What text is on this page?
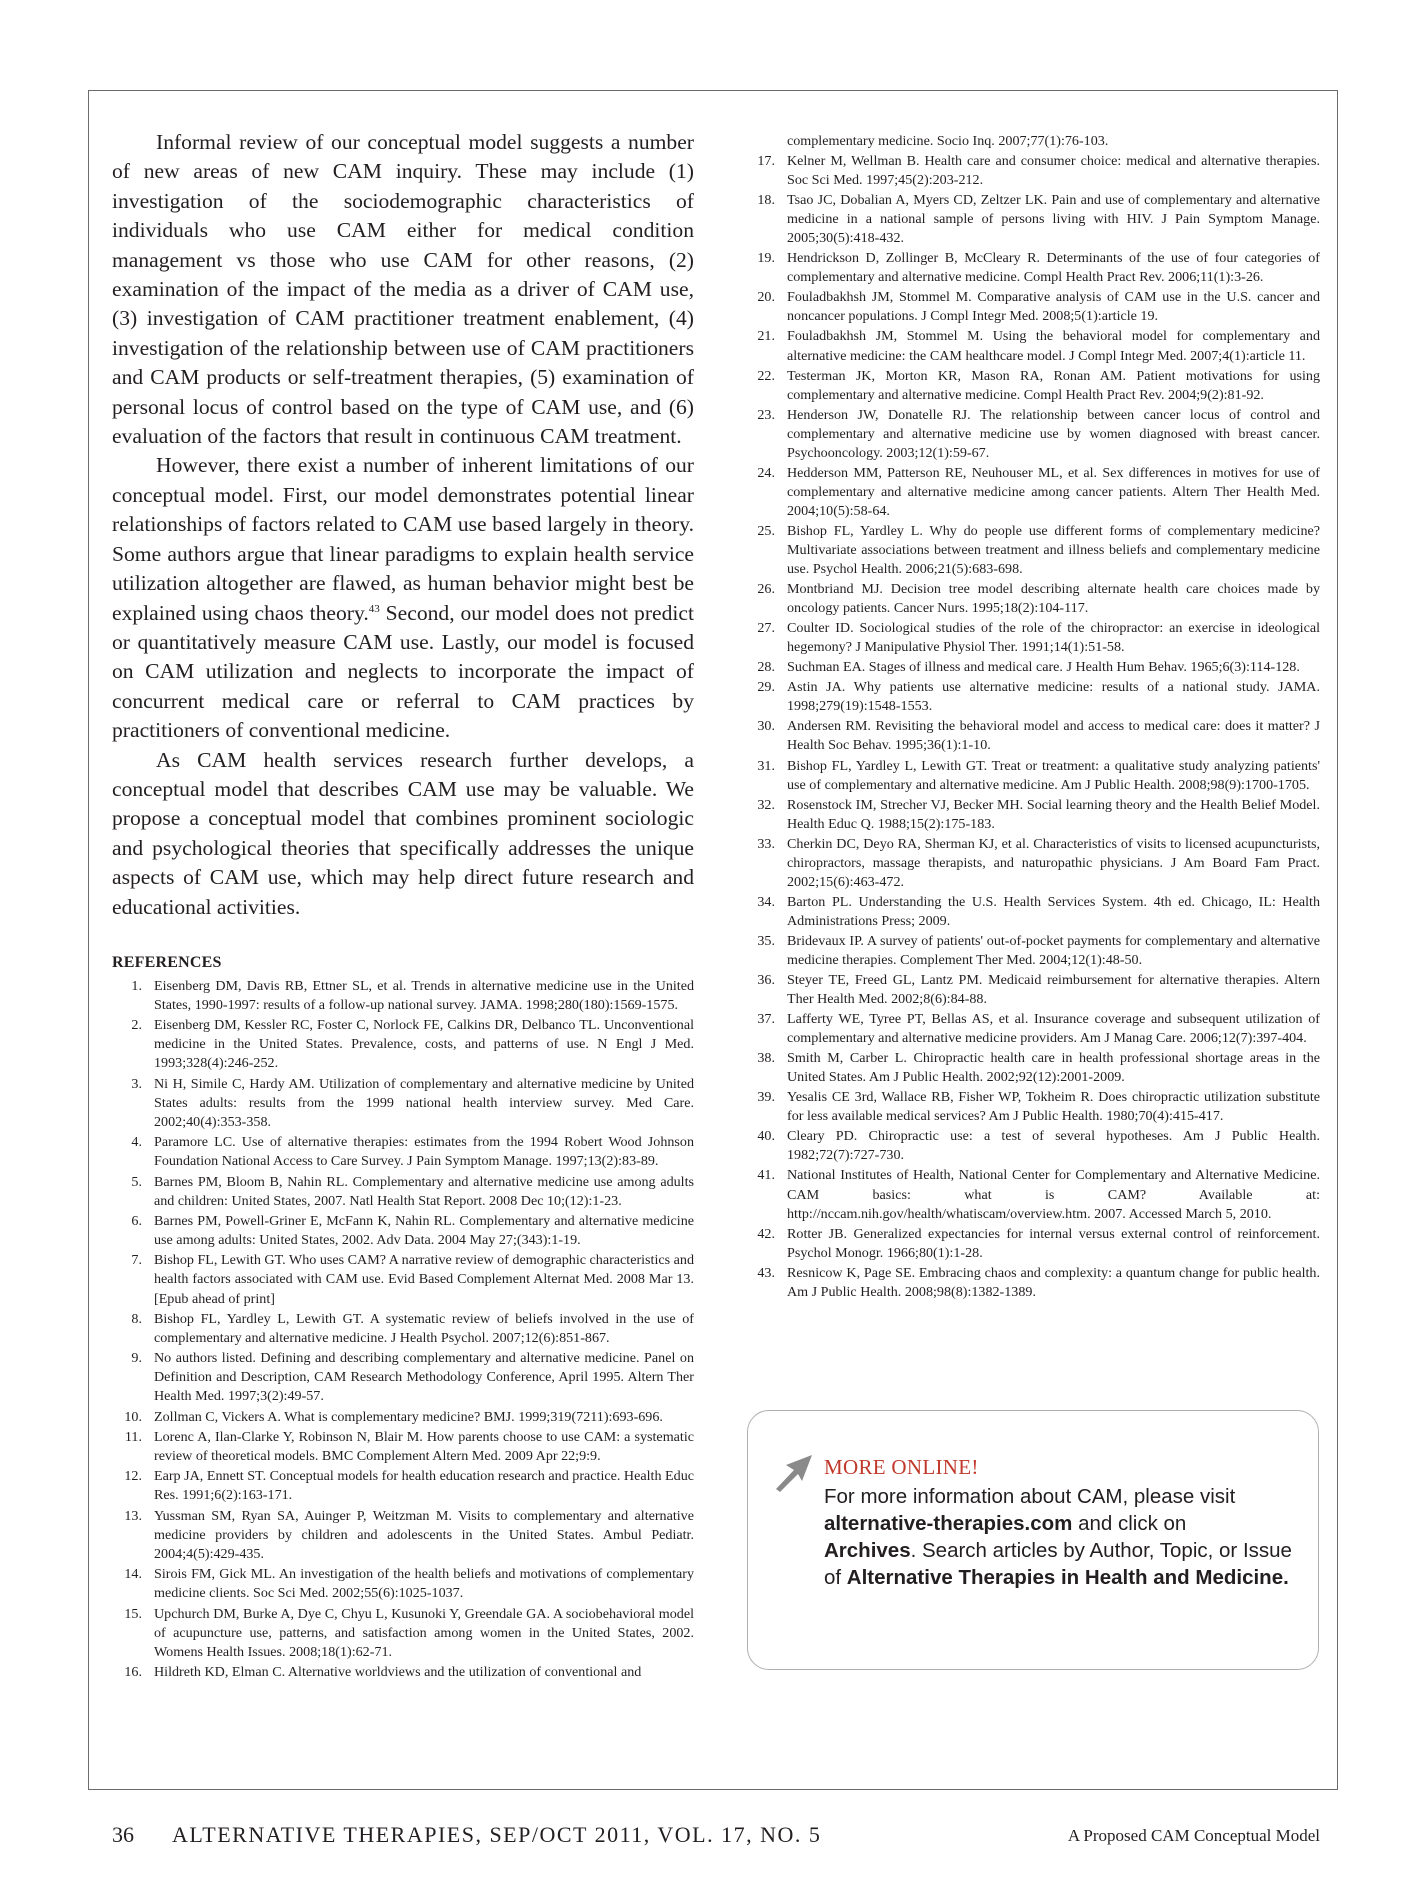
Informal review of our conceptual model suggests a number of new areas of new CAM inquiry. These may include (1) investigation of the sociodemographic characteristics of individuals who use CAM either for medical condition management vs those who use CAM for other reasons, (2) examination of the impact of the media as a driver of CAM use, (3) investigation of CAM practitioner treatment enablement, (4) investigation of the relationship between use of CAM practitioners and CAM products or self-treatment therapies, (5) examination of personal locus of control based on the type of CAM use, and (6) evaluation of the factors that result in continuous CAM treatment.

However, there exist a number of inherent limitations of our conceptual model. First, our model demonstrates potential linear relationships of factors related to CAM use based largely in theory. Some authors argue that linear paradigms to explain health service utilization altogether are flawed, as human behavior might best be explained using chaos theory.$^{43}$ Second, our model does not predict or quantitatively measure CAM use. Lastly, our model is focused on CAM utilization and neglects to incorporate the impact of concurrent medical care or referral to CAM practices by practitioners of conventional medicine.

As CAM health services research further develops, a conceptual model that describes CAM use may be valuable. We propose a conceptual model that combines prominent sociologic and psychological theories that specifically addresses the unique aspects of CAM use, which may help direct future research and educational activities.

REFERENCES
1. Eisenberg DM, Davis RB, Ettner SL, et al. Trends in alternative medicine use in the United States, 1990-1997: results of a follow-up national survey. JAMA. 1998;280(180):1569-1575.
2. Eisenberg DM, Kessler RC, Foster C, Norlock FE, Calkins DR, Delbanco TL. Unconventional medicine in the United States. Prevalence, costs, and patterns of use. N Engl J Med. 1993;328(4):246-252.
3. Ni H, Simile C, Hardy AM. Utilization of complementary and alternative medicine by United States adults: results from the 1999 national health interview survey. Med Care. 2002;40(4):353-358.
4. Paramore LC. Use of alternative therapies: estimates from the 1994 Robert Wood Johnson Foundation National Access to Care Survey. J Pain Symptom Manage. 1997;13(2):83-89.
5. Barnes PM, Bloom B, Nahin RL. Complementary and alternative medicine use among adults and children: United States, 2007. Natl Health Stat Report. 2008 Dec 10;(12):1-23.
6. Barnes PM, Powell-Griner E, McFann K, Nahin RL. Complementary and alternative medicine use among adults: United States, 2002. Adv Data. 2004 May 27;(343):1-19.
7. Bishop FL, Lewith GT. Who uses CAM? A narrative review of demographic characteristics and health factors associated with CAM use. Evid Based Complement Alternat Med. 2008 Mar 13. [Epub ahead of print]
8. Bishop FL, Yardley L, Lewith GT. A systematic review of beliefs involved in the use of complementary and alternative medicine. J Health Psychol. 2007;12(6):851-867.
9. No authors listed. Defining and describing complementary and alternative medicine. Panel on Definition and Description, CAM Research Methodology Conference, April 1995. Altern Ther Health Med. 1997;3(2):49-57.
10. Zollman C, Vickers A. What is complementary medicine? BMJ. 1999;319(7211):693-696.
11. Lorenc A, Ilan-Clarke Y, Robinson N, Blair M. How parents choose to use CAM: a systematic review of theoretical models. BMC Complement Altern Med. 2009 Apr 22;9:9.
12. Earp JA, Ennett ST. Conceptual models for health education research and practice. Health Educ Res. 1991;6(2):163-171.
13. Yussman SM, Ryan SA, Auinger P, Weitzman M. Visits to complementary and alternative medicine providers by children and adolescents in the United States. Ambul Pediatr. 2004;4(5):429-435.
14. Sirois FM, Gick ML. An investigation of the health beliefs and motivations of complementary medicine clients. Soc Sci Med. 2002;55(6):1025-1037.
15. Upchurch DM, Burke A, Dye C, Chyu L, Kusunoki Y, Greendale GA. A sociobehavioral model of acupuncture use, patterns, and satisfaction among women in the United States, 2002. Womens Health Issues. 2008;18(1):62-71.
16. Hildreth KD, Elman C. Alternative worldviews and the utilization of conventional and
complementary medicine. Socio Inq. 2007;77(1):76-103.
17. Kelner M, Wellman B. Health care and consumer choice: medical and alternative therapies. Soc Sci Med. 1997;45(2):203-212.
18. Tsao JC, Dobalian A, Myers CD, Zeltzer LK. Pain and use of complementary and alternative medicine in a national sample of persons living with HIV. J Pain Symptom Manage. 2005;30(5):418-432.
19. Hendrickson D, Zollinger B, McCleary R. Determinants of the use of four categories of complementary and alternative medicine. Compl Health Pract Rev. 2006;11(1):3-26.
20. Fouladbakhsh JM, Stommel M. Comparative analysis of CAM use in the U.S. cancer and noncancer populations. J Compl Integr Med. 2008;5(1):article 19.
21. Fouladbakhsh JM, Stommel M. Using the behavioral model for complementary and alternative medicine: the CAM healthcare model. J Compl Integr Med. 2007;4(1):article 11.
22. Testerman JK, Morton KR, Mason RA, Ronan AM. Patient motivations for using complementary and alternative medicine. Compl Health Pract Rev. 2004;9(2):81-92.
23. Henderson JW, Donatelle RJ. The relationship between cancer locus of control and complementary and alternative medicine use by women diagnosed with breast cancer. Psychooncology. 2003;12(1):59-67.
24. Hedderson MM, Patterson RE, Neuhouser ML, et al. Sex differences in motives for use of complementary and alternative medicine among cancer patients. Altern Ther Health Med. 2004;10(5):58-64.
25. Bishop FL, Yardley L. Why do people use different forms of complementary medicine? Multivariate associations between treatment and illness beliefs and complementary medicine use. Psychol Health. 2006;21(5):683-698.
26. Montbriand MJ. Decision tree model describing alternate health care choices made by oncology patients. Cancer Nurs. 1995;18(2):104-117.
27. Coulter ID. Sociological studies of the role of the chiropractor: an exercise in ideological hegemony? J Manipulative Physiol Ther. 1991;14(1):51-58.
28. Suchman EA. Stages of illness and medical care. J Health Hum Behav. 1965;6(3):114-128.
29. Astin JA. Why patients use alternative medicine: results of a national study. JAMA. 1998;279(19):1548-1553.
30. Andersen RM. Revisiting the behavioral model and access to medical care: does it matter? J Health Soc Behav. 1995;36(1):1-10.
31. Bishop FL, Yardley L, Lewith GT. Treat or treatment: a qualitative study analyzing patients' use of complementary and alternative medicine. Am J Public Health. 2008;98(9):1700-1705.
32. Rosenstock IM, Strecher VJ, Becker MH. Social learning theory and the Health Belief Model. Health Educ Q. 1988;15(2):175-183.
33. Cherkin DC, Deyo RA, Sherman KJ, et al. Characteristics of visits to licensed acupuncturists, chiropractors, massage therapists, and naturopathic physicians. J Am Board Fam Pract. 2002;15(6):463-472.
34. Barton PL. Understanding the U.S. Health Services System. 4th ed. Chicago, IL: Health Administrations Press; 2009.
35. Bridevaux IP. A survey of patients' out-of-pocket payments for complementary and alternative medicine therapies. Complement Ther Med. 2004;12(1):48-50.
36. Steyer TE, Freed GL, Lantz PM. Medicaid reimbursement for alternative therapies. Altern Ther Health Med. 2002;8(6):84-88.
37. Lafferty WE, Tyree PT, Bellas AS, et al. Insurance coverage and subsequent utilization of complementary and alternative medicine providers. Am J Manag Care. 2006;12(7):397-404.
38. Smith M, Carber L. Chiropractic health care in health professional shortage areas in the United States. Am J Public Health. 2002;92(12):2001-2009.
39. Yesalis CE 3rd, Wallace RB, Fisher WP, Tokheim R. Does chiropractic utilization substitute for less available medical services? Am J Public Health. 1980;70(4):415-417.
40. Cleary PD. Chiropractic use: a test of several hypotheses. Am J Public Health. 1982;72(7):727-730.
41. National Institutes of Health, National Center for Complementary and Alternative Medicine. CAM basics: what is CAM? Available at: http://nccam.nih.gov/health/whatiscam/overview.htm. 2007. Accessed March 5, 2010.
42. Rotter JB. Generalized expectancies for internal versus external control of reinforcement. Psychol Monogr. 1966;80(1):1-28.
43. Resnicow K, Page SE. Embracing chaos and complexity: a quantum change for public health. Am J Public Health. 2008;98(8):1382-1389.
MORE ONLINE!
For more information about CAM, please visit
alternative-therapies.com and click on
Archives. Search articles by Author, Topic, or Issue
of Alternative Therapies in Health and Medicine.
36 ALTERNATIVE THERAPIES, SEP/OCT 2011, VOL. 17, NO. 5	A Proposed CAM Conceptual Model
